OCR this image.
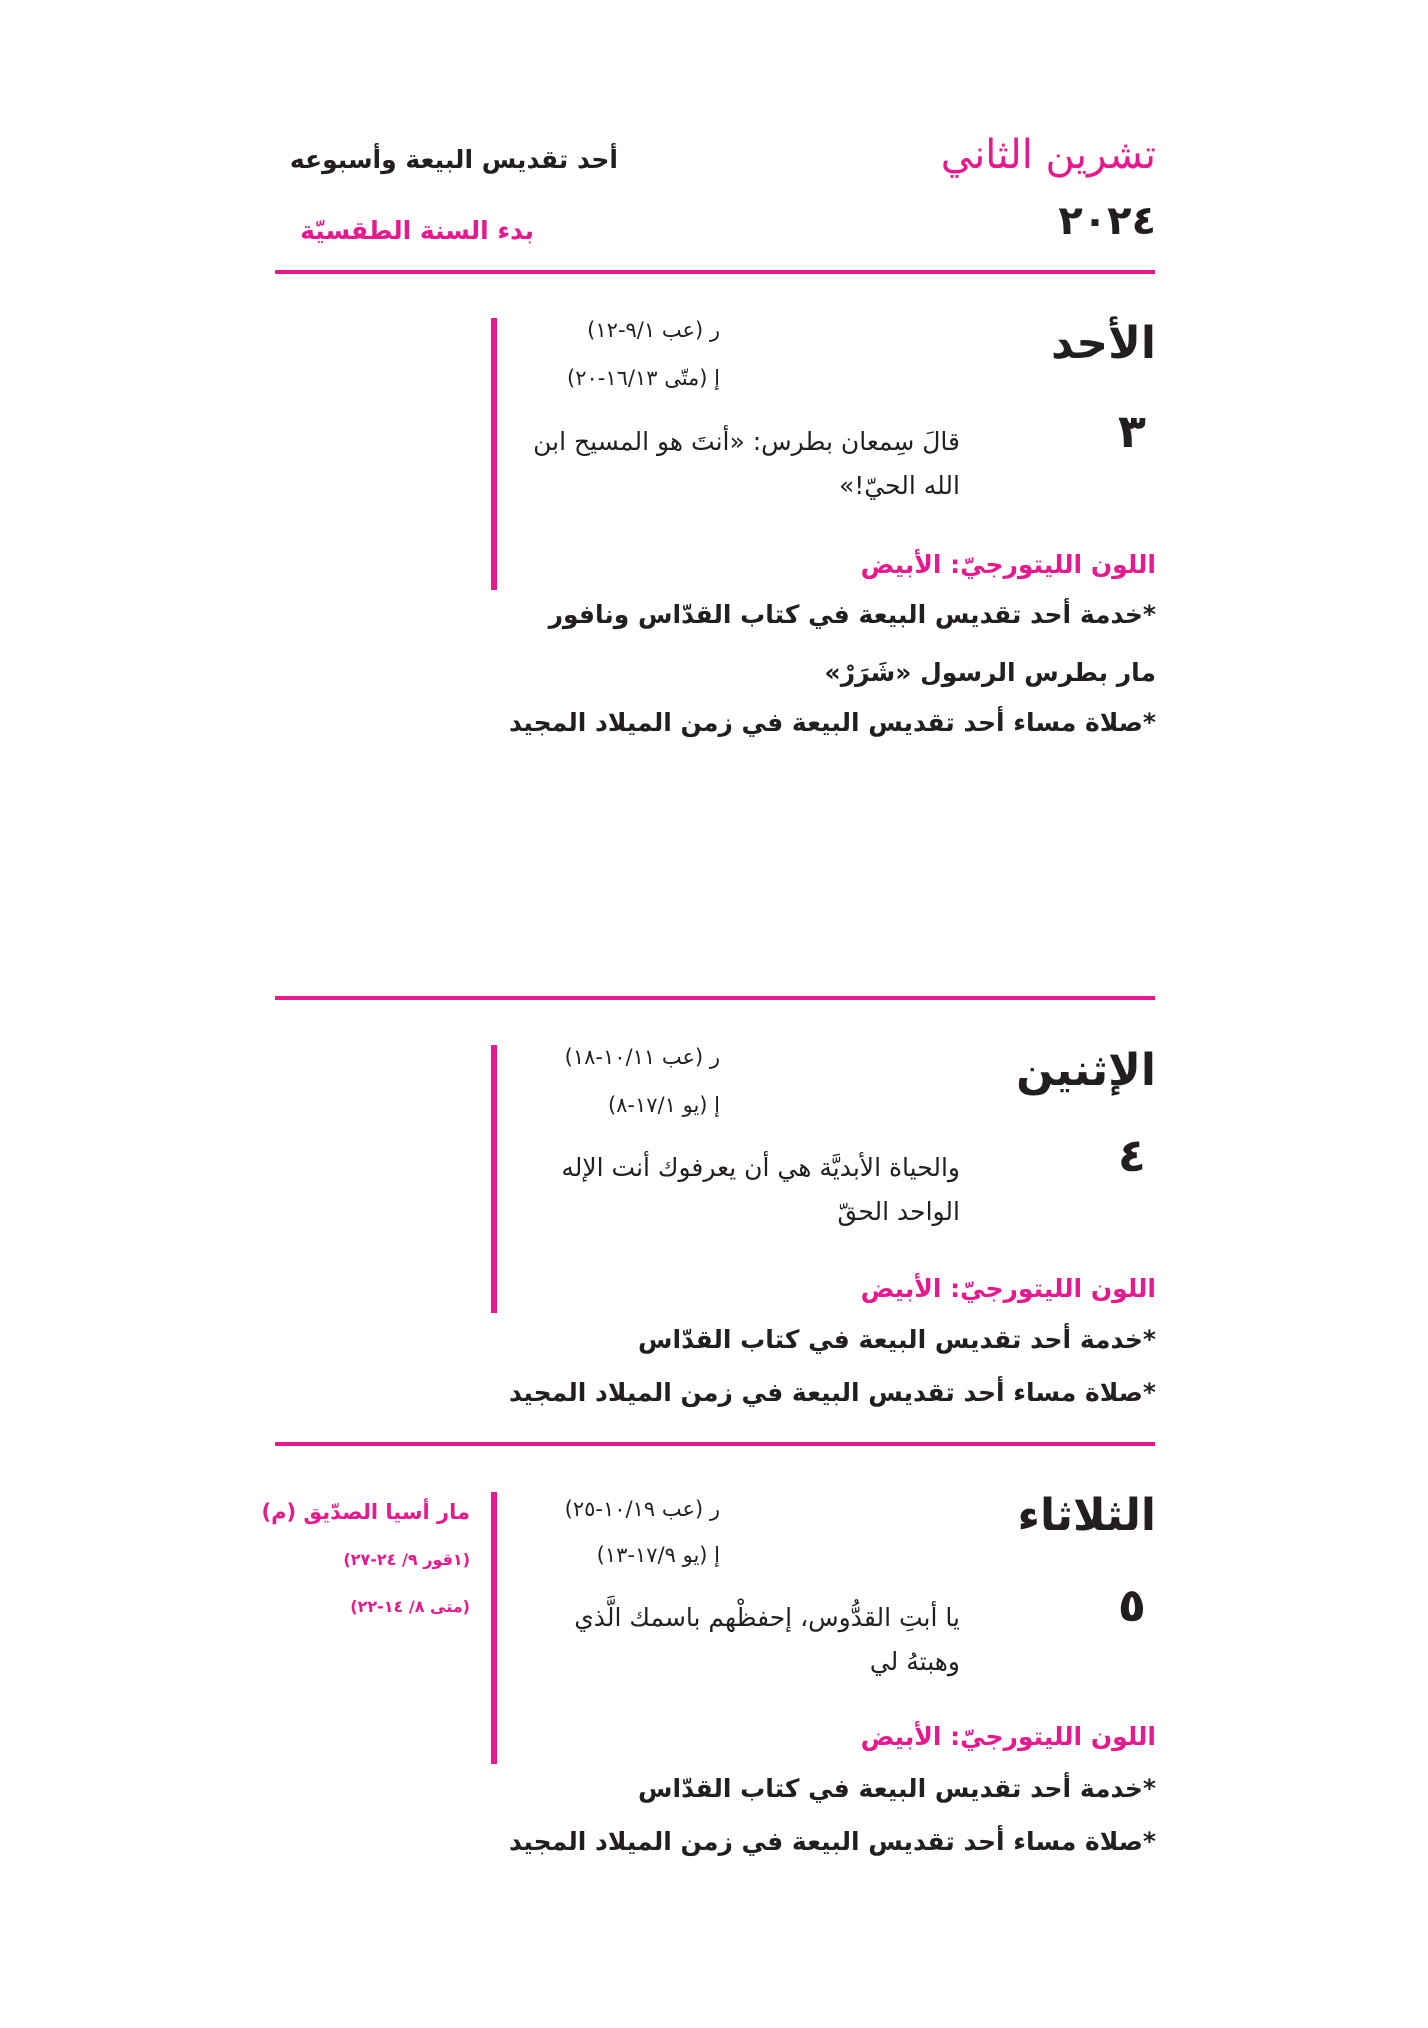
تشرين الثاني
٢٠٢٤
أحد تقديس البيعة وأسبوعه
بدء السنة الطقسيّة
الأحد
٣
ر (عب ٩/١-١٢)
إ (متّى ١٦/١٣-٢٠)
قالَ سِمعان بطرس: «أنتَ هو المسيح ابن الله الحيّ!»
اللون الليتورجيّ: الأبيض
*خدمة أحد تقديس البيعة في كتاب القدّاس ونافور
مار بطرس الرسول «شَرَرْ»
*صلاة مساء أحد تقديس البيعة في زمن الميلاد المجيد
الإثنين
٤
ر (عب ١٠/١١-١٨)
إ (يو ١٧/١-٨)
والحياة الأبديَّة هي أن يعرفوك أنت الإله الواحد الحقّ
اللون الليتورجيّ: الأبيض
*خدمة أحد تقديس البيعة في كتاب القدّاس
*صلاة مساء أحد تقديس البيعة في زمن الميلاد المجيد
الثلاثاء
٥
ر (عب ١٠/١٩-٢٥)
إ (يو ١٧/٩-١٣)
يا أبتِ القدُّوس، إحفظْهم باسمك الَّذي وهبتهُ لي
اللون الليتورجيّ: الأبيض
*خدمة أحد تقديس البيعة في كتاب القدّاس
*صلاة مساء أحد تقديس البيعة في زمن الميلاد المجيد
مار أسيا الصدّيق (م)
(١قور ٩/ ٢٤-٢٧)
(متى ٨/ ١٤-٢٢)
